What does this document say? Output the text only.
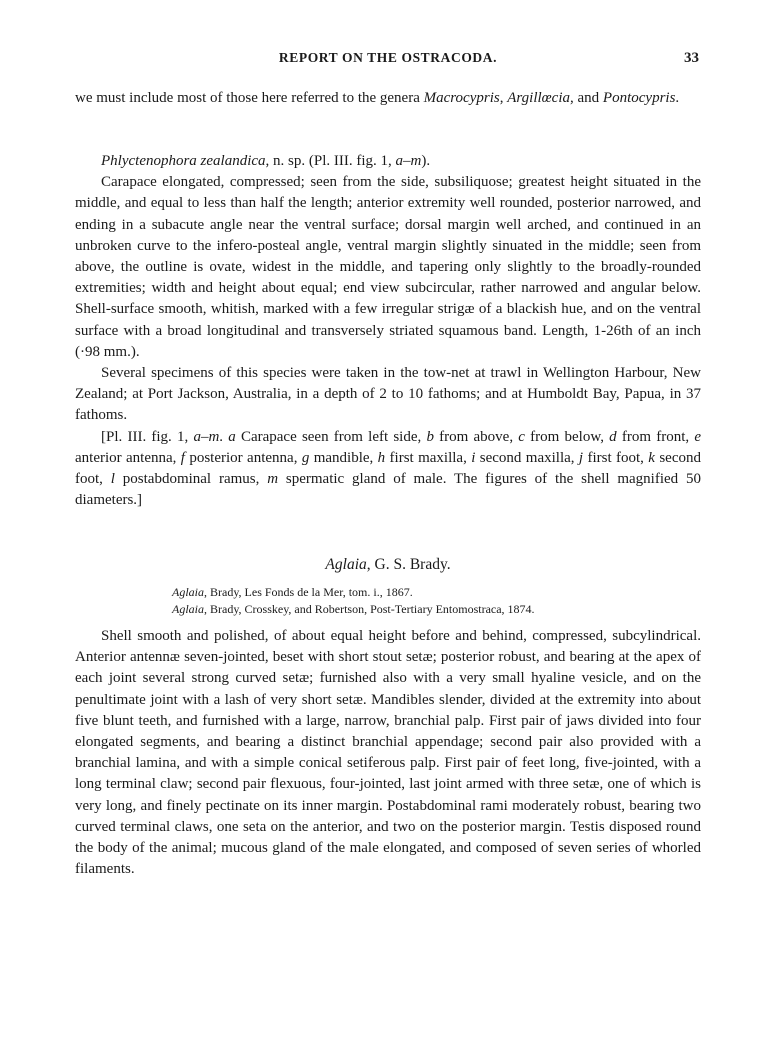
REPORT ON THE OSTRACODA.	33

we must include most of those here referred to the genera Macrocypris, Argillœcia, and Pontocypris.

Phlyctenophora zealandica, n. sp. (Pl. III. fig. 1, a–m).

Carapace elongated, compressed; seen from the side, subsiliquose; greatest height situated in the middle, and equal to less than half the length; anterior extremity well rounded, posterior narrowed, and ending in a subacute angle near the ventral surface; dorsal margin well arched, and continued in an unbroken curve to the infero-posteal angle, ventral margin slightly sinuated in the middle; seen from above, the outline is ovate, widest in the middle, and tapering only slightly to the broadly-rounded extremities; width and height about equal; end view subcircular, rather narrowed and angular below. Shell-surface smooth, whitish, marked with a few irregular strigæ of a blackish hue, and on the ventral surface with a broad longitudinal and transversely striated squamous band. Length, 1-26th of an inch (·98 mm.).

Several specimens of this species were taken in the tow-net at trawl in Wellington Harbour, New Zealand; at Port Jackson, Australia, in a depth of 2 to 10 fathoms; and at Humboldt Bay, Papua, in 37 fathoms.

[Pl. III. fig. 1, a–m. a Carapace seen from left side, b from above, c from below, d from front, e anterior antenna, f posterior antenna, g mandible, h first maxilla, i second maxilla, j first foot, k second foot, l postabdominal ramus, m spermatic gland of male. The figures of the shell magnified 50 diameters.]

Aglaia, G. S. Brady.
Aglaia, Brady, Les Fonds de la Mer, tom. i., 1867.
Aglaia, Brady, Crosskey, and Robertson, Post-Tertiary Entomostraca, 1874.

Shell smooth and polished, of about equal height before and behind, compressed, subcylindrical. Anterior antennæ seven-jointed, beset with short stout setæ; posterior robust, and bearing at the apex of each joint several strong curved setæ; furnished also with a very small hyaline vesicle, and on the penultimate joint with a lash of very short setæ. Mandibles slender, divided at the extremity into about five blunt teeth, and furnished with a large, narrow, branchial palp. First pair of jaws divided into four elongated segments, and bearing a distinct branchial appendage; second pair also provided with a branchial lamina, and with a simple conical setiferous palp. First pair of feet long, five-jointed, with a long terminal claw; second pair flexuous, four-jointed, last joint armed with three setæ, one of which is very long, and finely pectinate on its inner margin. Postabdominal rami moderately robust, bearing two curved terminal claws, one seta on the anterior, and two on the posterior margin. Testis disposed round the body of the animal; mucous gland of the male elongated, and composed of seven series of whorled filaments.
